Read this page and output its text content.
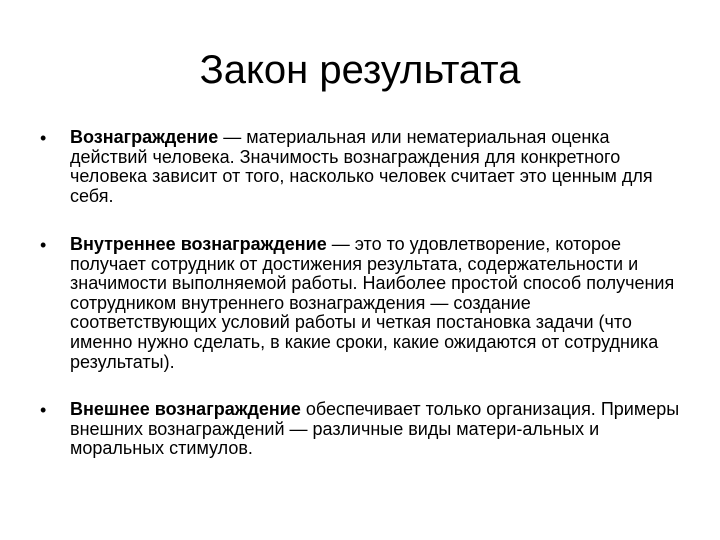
Закон результата
• Вознаграждение — материальная или нематериальная оценка действий человека. Значимость вознаграждения для конкретного человека зависит от того, насколько человек считает это ценным для себя.
• Внутреннее вознаграждение — это то удовлетворение, которое получает сотрудник от достижения результата, содержательности и значимости выполняемой работы. Наиболее простой способ получения сотрудником внутреннего вознаграждения — создание соответствующих условий работы и четкая постановка задачи (что именно нужно сделать, в какие сроки, какие ожидаются от сотрудника результаты).
• Внешнее вознаграждение обеспечивает только организация. Примеры внешних вознаграждений — различные виды матери-альных и моральных стимулов.
